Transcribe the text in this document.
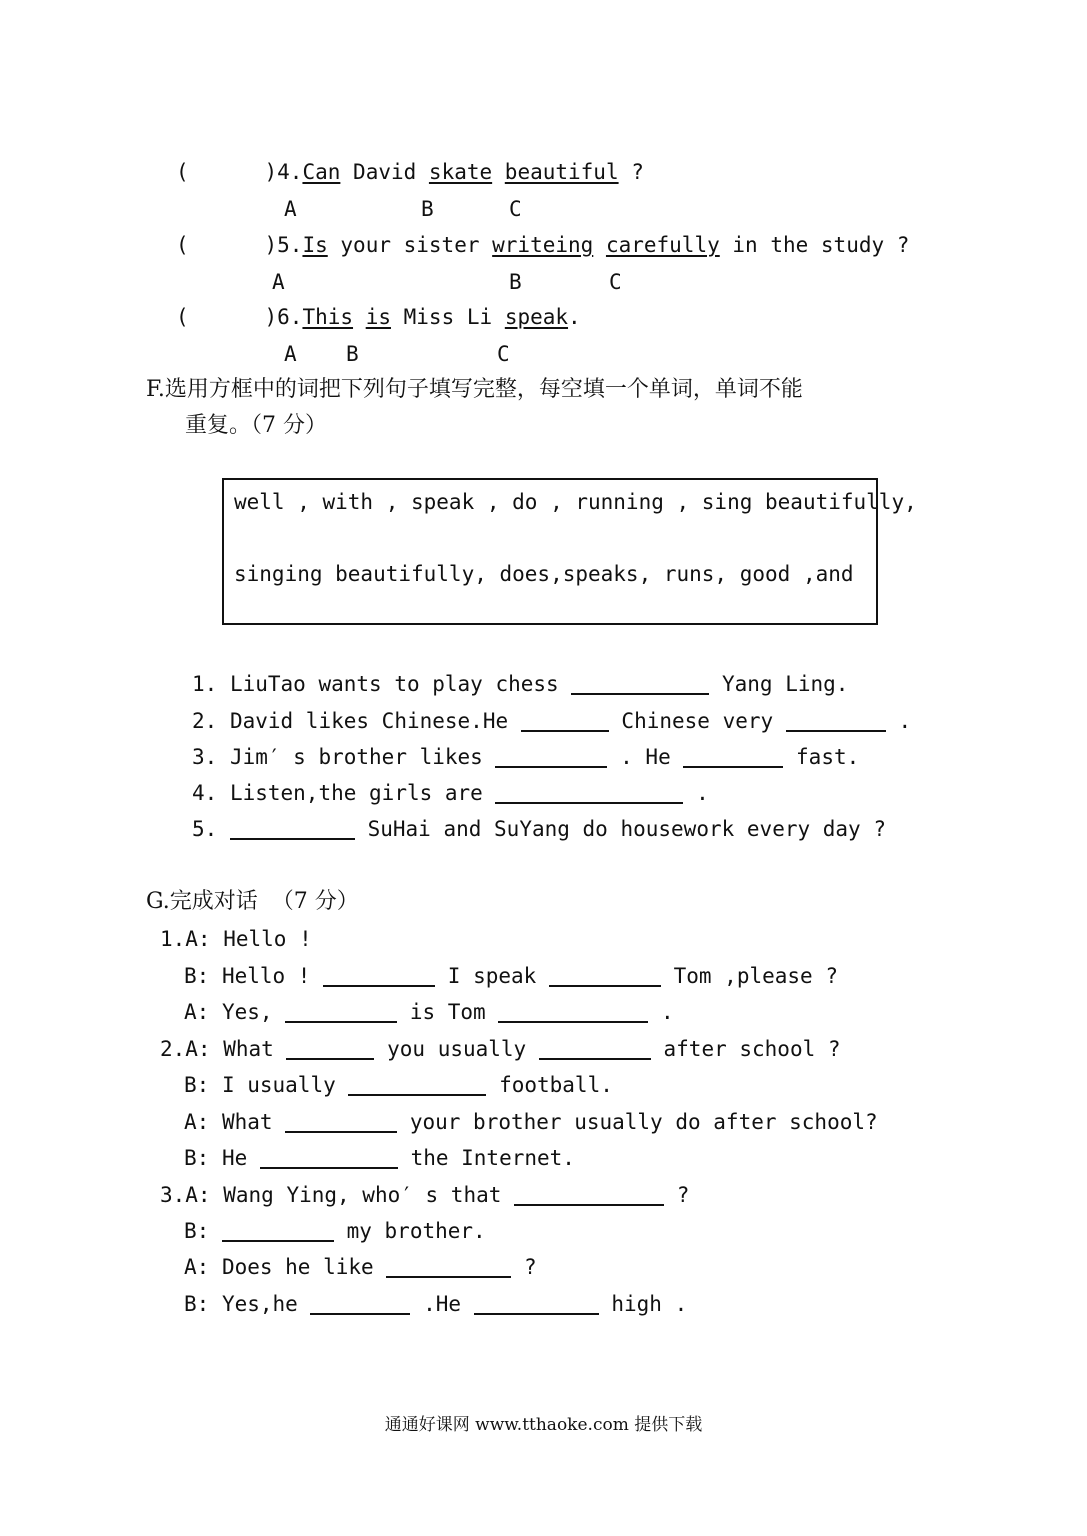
(      )4.Can David skate beautiful ?
A	B	C
(      )5.Is your sister writeing carefully in the study ?
A	B	C
(      )6.This is Miss Li speak.
A B	C
F.选用方框中的词把下列句子填写完整，每空填一个单词，单词不能
重复。（7 分）
well , with , speak , do , running , sing beautifully,
singing beautifully, does,speaks, runs, good ,and
1. LiuTao wants to play chess	Yang Ling.
2. David likes Chinese.He	Chinese very	.
3. Jim′ s brother likes	. He	fast.
4. Listen,the girls are	.
5.	SuHai and SuYang do housework every day ?
G.完成对话  （7 分）
1.A: Hello !
B: Hello !	I speak	Tom ,please ?
A: Yes,	is Tom	.
2.A: What	you usually	after school ?
B: I usually	football.
A: What	your brother usually do after school?
B: He	the Internet.
3.A: Wang Ying, who′ s that	?
B:	my brother.
A: Does he like	?
B: Yes,he	.He	high .
通通好课网 www.tthaoke.com 提供下载
